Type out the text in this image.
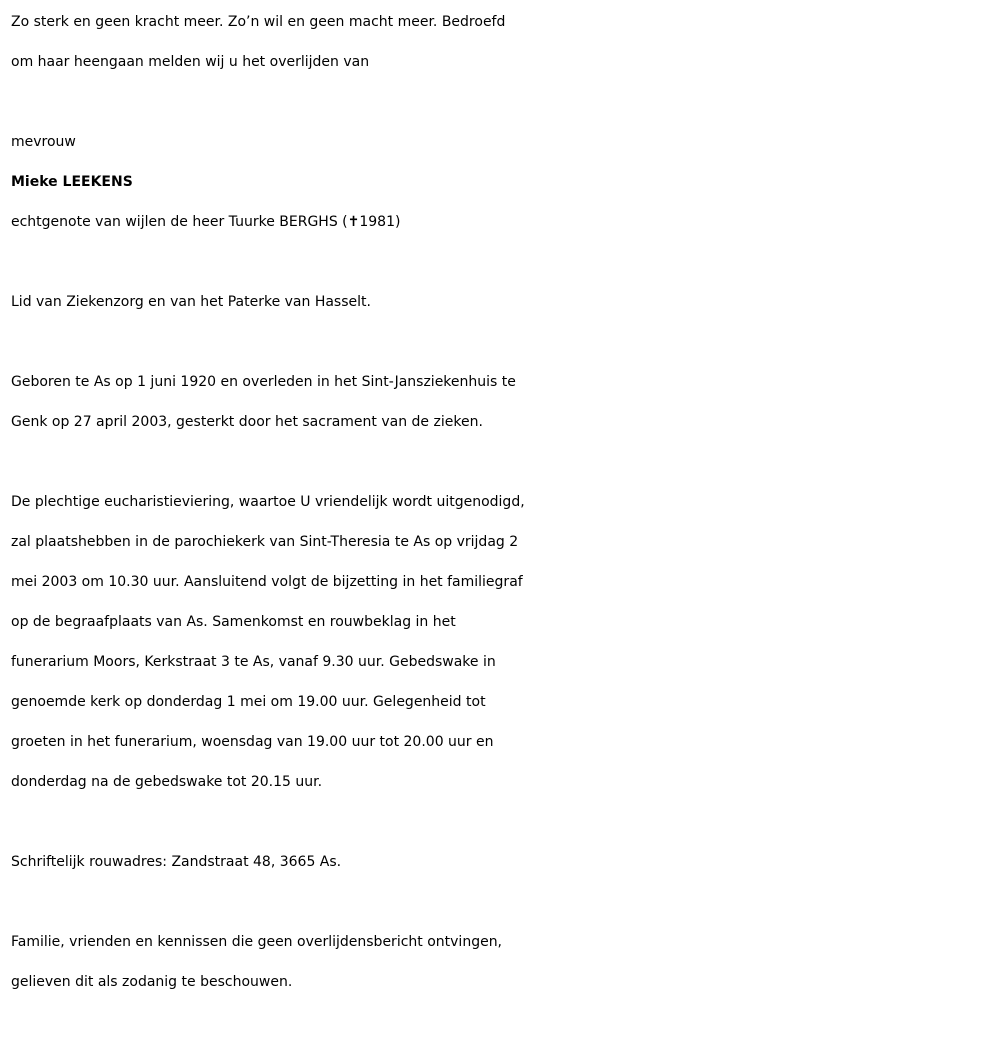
Zo sterk en geen kracht meer. Zo’n wil en geen macht meer. Bedroefd

om haar heengaan melden wij u het overlijden van

mevrouw

Mieke LEEKENS

echtgenote van wijlen de heer Tuurke BERGHS (✝1981)

Lid van Ziekenzorg en van het Paterke van Hasselt.

Geboren te As op 1 juni 1920 en overleden in het Sint-Jansziekenhuis te

Genk op 27 april 2003, gesterkt door het sacrament van de zieken.

De plechtige eucharistieviering, waartoe U vriendelijk wordt uitgenodigd,

zal plaatshebben in de parochiekerk van Sint-Theresia te As op vrijdag 2

mei 2003 om 10.30 uur. Aansluitend volgt de bijzetting in het familiegraf

op de begraafplaats van As. Samenkomst en rouwbeklag in het

funerarium Moors, Kerkstraat 3 te As, vanaf 9.30 uur. Gebedswake in

genoemde kerk op donderdag 1 mei om 19.00 uur. Gelegenheid tot

groeten in het funerarium, woensdag van 19.00 uur tot 20.00 uur en

donderdag na de gebedswake tot 20.15 uur.

Schriftelijk rouwadres: Zandstraat 48, 3665 As.

Familie, vrienden en kennissen die geen overlijdensbericht ontvingen,

gelieven dit als zodanig te beschouwen.
